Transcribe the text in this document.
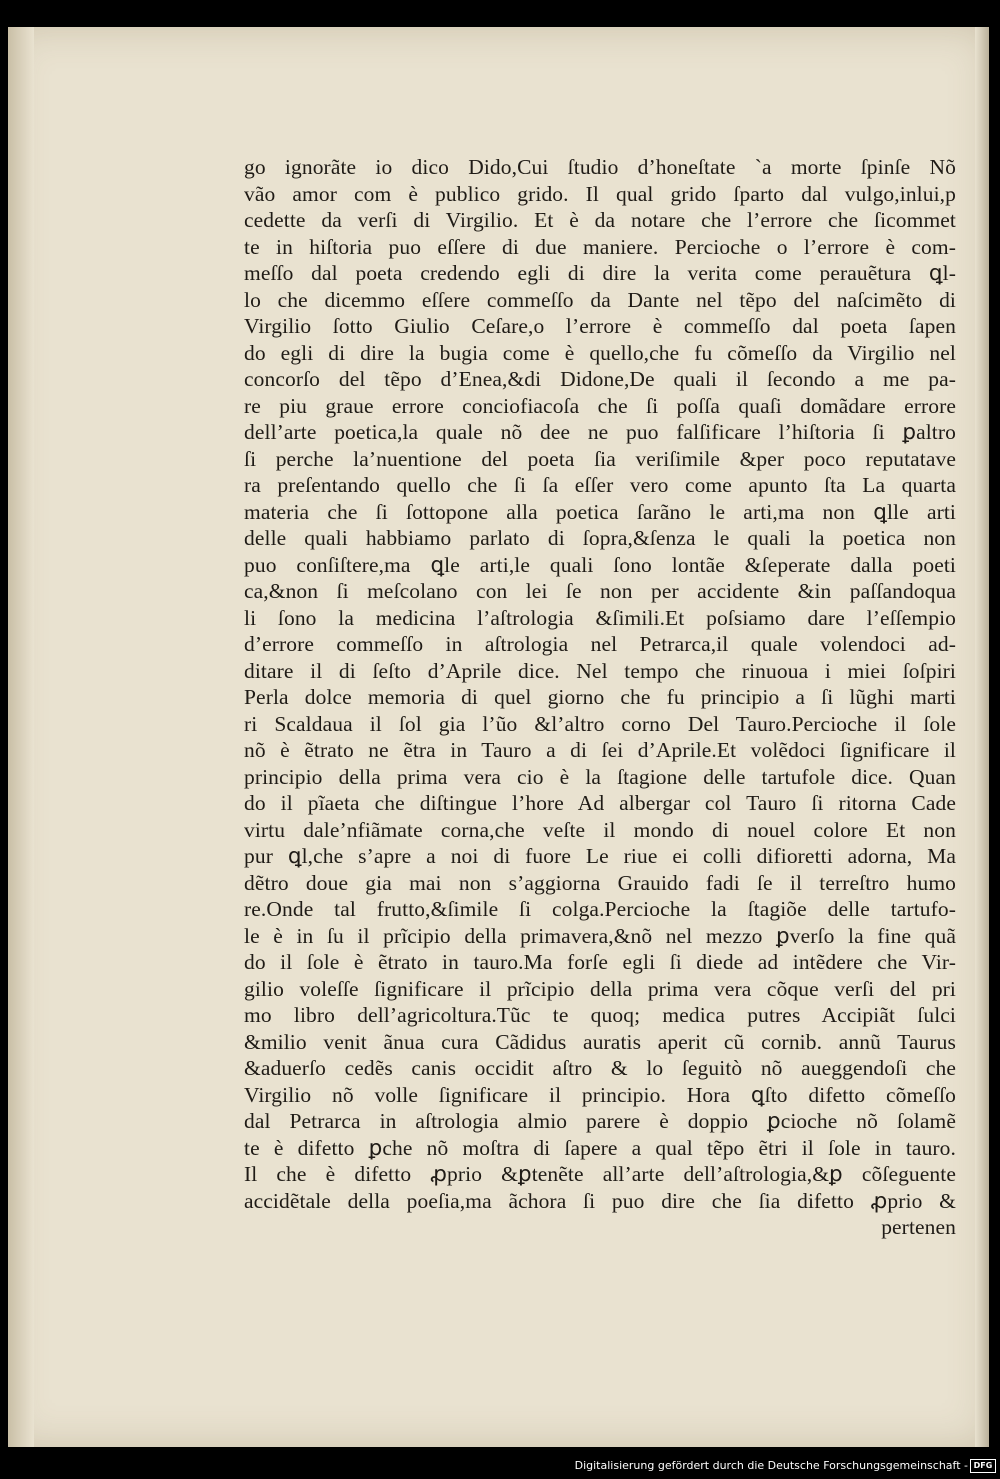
go ignorãte io dico Dido,Cui ſtudio d’honeſtate `a morte ſpinſe Nõ
vão amor com è publico grido. Il qual grido ſparto dal vulgo,inlui,p
cedette da verſi di Virgilio. Et è da notare che l’errore che ſicommet
te in hiſtoria puo eſſere di due maniere. Percioche o l’errore è com-
meſſo dal poeta credendo egli di dire la verita come perauẽtura ꝗl-
lo che dicemmo eſſere commeſſo da Dante nel tẽpo del naſcimẽto di
Virgilio ſotto Giulio Ceſare,o l’errore è commeſſo dal poeta ſapen
do egli di dire la bugia come è quello,che fu cõmeſſo da Virgilio nel
concorſo del tẽpo d’Enea,&di Didone,De quali il ſecondo a me pa-
re piu graue errore conciofiacoſa che ſi poſſa quaſi domãdare errore
dell’arte poetica,la quale nõ dee ne puo falſificare l’hiſtoria ſi ꝑaltro
ſi perche la’nuentione del poeta ſia veriſimile &per poco reputatave
ra preſentando quello che ſi ſa eſſer vero come apunto ſta La quarta
materia che ſi ſottopone alla poetica ſarãno le arti,ma non ꝗlle arti
delle quali habbiamo parlato di ſopra,&ſenza le quali la poetica non
puo conſiſtere,ma ꝗle arti,le quali ſono lontãe &ſeperate dalla poeti
ca,&non ſi meſcolano con lei ſe non per accidente &in paſſandoqua
li ſono la medicina l’aſtrologia &ſimili.Et poſsiamo dare l’eſſempio
d’errore commeſſo in aſtrologia nel Petrarca,il quale volendoci ad-
ditare il di ſeſto d’Aprile dice. Nel tempo che rinuoua i miei ſoſpiri
Perla dolce memoria di quel giorno che fu principio a ſi lũghi marti
ri Scaldaua il ſol gia l’ũo &l’altro corno Del Tauro.Percioche il ſole
nõ è ẽtrato ne ẽtra in Tauro a di ſei d’Aprile.Et volẽdoci ſignificare il
principio della prima vera cio è la ſtagione delle tartufole dice. Quan
do il pĩaeta che diſtingue l’hore Ad albergar col Tauro ſi ritorna Cade
virtu dale’nfiãmate corna,che veſte il mondo di nouel colore Et non
pur ꝗl,che s’apre a noi di fuore Le riue ei colli difioretti adorna, Ma
dẽtro doue gia mai non s’aggiorna Grauido fadi ſe il terreſtro humo
re.Onde tal frutto,&ſimile ſi colga.Percioche la ſtagiõe delle tartufo-
le è in ſu il prĩcipio della primavera,&nõ nel mezzo ꝑverſo la fine quã
do il ſole è ẽtrato in tauro.Ma forſe egli ſi diede ad intẽdere che Vir-
gilio voleſſe ſignificare il prĩcipio della prima vera cõque verſi del pri
mo libro dell’agricoltura.Tũc te quoq; medica putres Accipiãt ſulci
&milio venit ãnua cura Cãdidus auratis aperit cũ cornib. annũ Taurus
&aduerſo cedẽs canis occidit aſtro & lo ſeguitò nõ aueggendoſi che
Virgilio nõ volle ſignificare il principio. Hora ꝗſto difetto cõmeſſo
dal Petrarca in aſtrologia almio parere è doppio ꝑcioche nõ ſolamẽ
te è difetto ꝑche nõ moſtra di ſapere a qual tẽpo ẽtri il ſole in tauro.
Il che è difetto ꝓprio &ꝑtenẽte all’arte dell’aſtrologia,&ꝑ cõſeguente
accidẽtale della poeſia,ma ãchora ſi puo dire che ſia difetto ꝓprio &
pertenen
Digitalisierung gefördert durch die Deutsche Forschungsgemeinschaft - DFG
